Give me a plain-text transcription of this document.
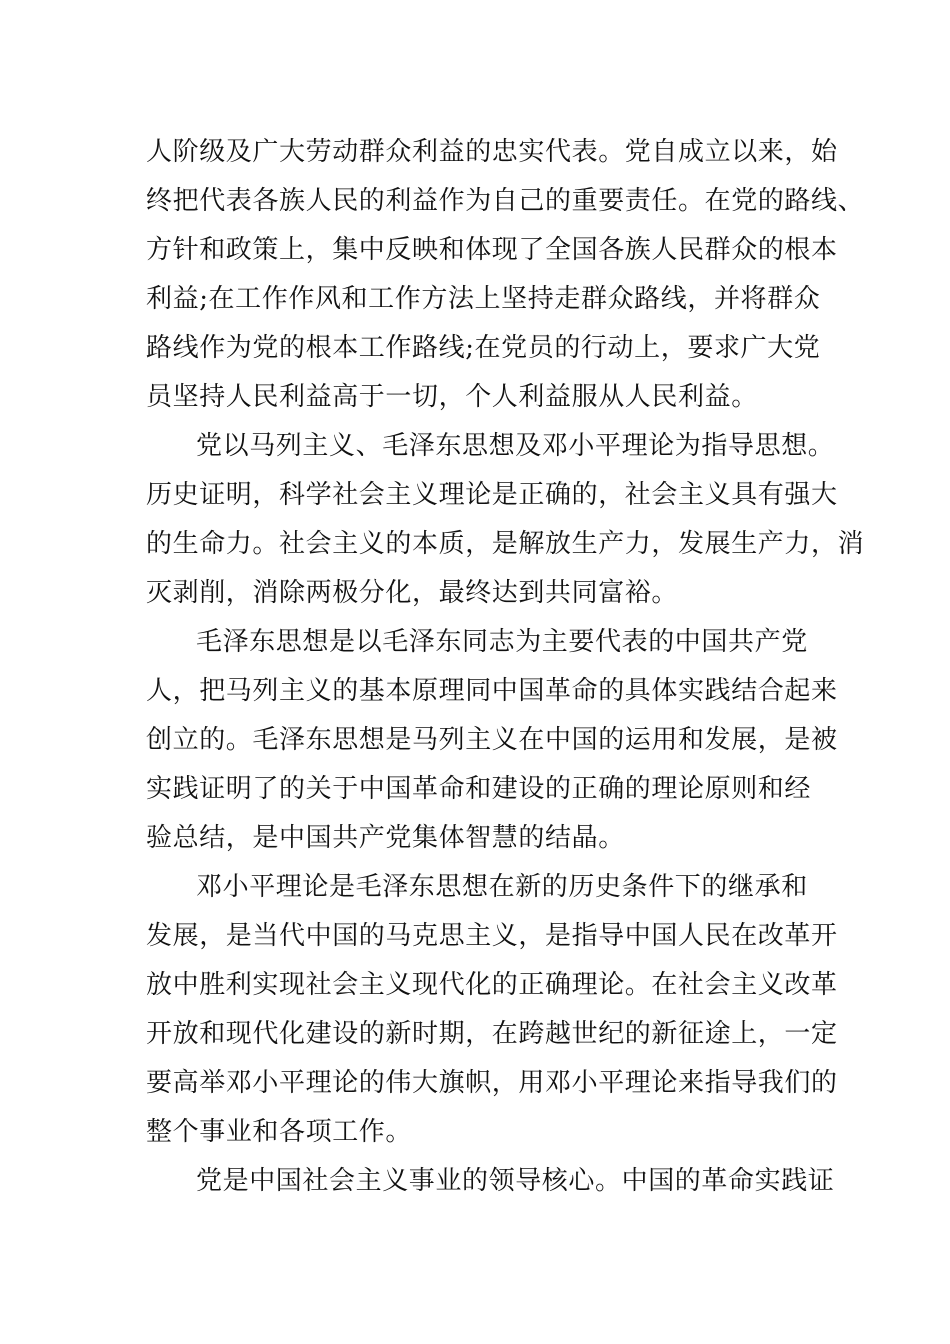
人阶级及广大劳动群众利益的忠实代表。党自成立以来，始
终把代表各族人民的利益作为自己的重要责任。在党的路线、
方针和政策上，集中反映和体现了全国各族人民群众的根本
利益;在工作作风和工作方法上坚持走群众路线，并将群众
路线作为党的根本工作路线;在党员的行动上，要求广大党
员坚持人民利益高于一切，个人利益服从人民利益。
党以马列主义、毛泽东思想及邓小平理论为指导思想。
历史证明，科学社会主义理论是正确的，社会主义具有强大
的生命力。社会主义的本质，是解放生产力，发展生产力，消
灭剥削，消除两极分化，最终达到共同富裕。
毛泽东思想是以毛泽东同志为主要代表的中国共产党
人，把马列主义的基本原理同中国革命的具体实践结合起来
创立的。毛泽东思想是马列主义在中国的运用和发展，是被
实践证明了的关于中国革命和建设的正确的理论原则和经
验总结，是中国共产党集体智慧的结晶。
邓小平理论是毛泽东思想在新的历史条件下的继承和
发展，是当代中国的马克思主义，是指导中国人民在改革开
放中胜利实现社会主义现代化的正确理论。在社会主义改革
开放和现代化建设的新时期，在跨越世纪的新征途上，一定
要高举邓小平理论的伟大旗帜，用邓小平理论来指导我们的
整个事业和各项工作。
党是中国社会主义事业的领导核心。中国的革命实践证
